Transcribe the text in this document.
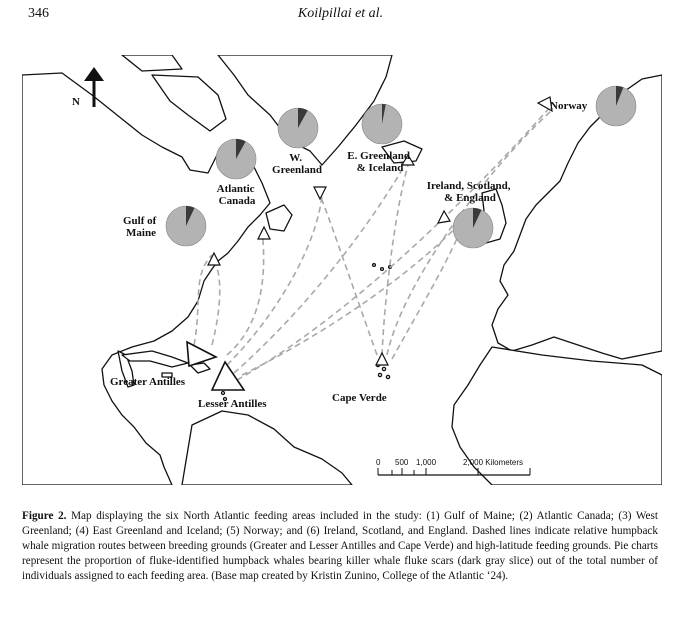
346	Koilpillai et al.
N
Gulf of Maine
Atlantic Canada
W. Greenland
E. Greenland & Iceland
Norway
Ireland, Scotland, & England
Greater Antilles
Lesser Antilles	Cape Verde
0 500 1,000	2,000 Kilometers
Figure 2. Map displaying the six North Atlantic feeding areas included in the study: (1) Gulf of Maine; (2) Atlantic Canada; (3) West Greenland; (4) East Greenland and Iceland; (5) Norway; and (6) Ireland, Scotland, and England. Dashed lines indicate relative humpback whale migration routes between breeding grounds (Greater and Lesser Antilles and Cape Verde) and high-latitude feeding grounds. Pie charts represent the proportion of fluke-identified humpback whales bearing killer whale fluke scars (dark gray slice) out of the total number of individuals assigned to each feeding area. (Base map created by Kristin Zunino, College of the Atlantic ‘24).
